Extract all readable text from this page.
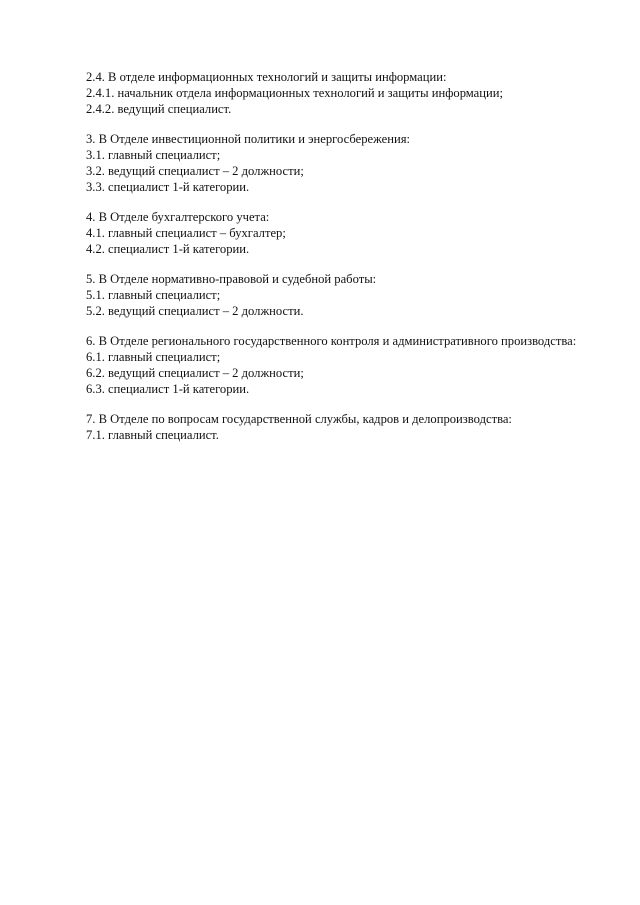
2.4. В отделе информационных технологий и защиты информации:
2.4.1. начальник отдела информационных технологий и защиты информации;
2.4.2. ведущий специалист.
3. В Отделе инвестиционной политики и энергосбережения:
3.1. главный специалист;
3.2. ведущий специалист – 2 должности;
3.3. специалист 1-й категории.
4. В Отделе бухгалтерского учета:
4.1. главный специалист – бухгалтер;
4.2. специалист 1-й категории.
5. В Отделе нормативно-правовой и судебной работы:
5.1. главный специалист;
5.2. ведущий специалист – 2 должности.
6. В Отделе регионального государственного контроля и административного производства:
6.1. главный специалист;
6.2. ведущий специалист – 2 должности;
6.3. специалист 1-й категории.
7. В Отделе по вопросам государственной службы, кадров и делопроизводства:
7.1. главный специалист.
